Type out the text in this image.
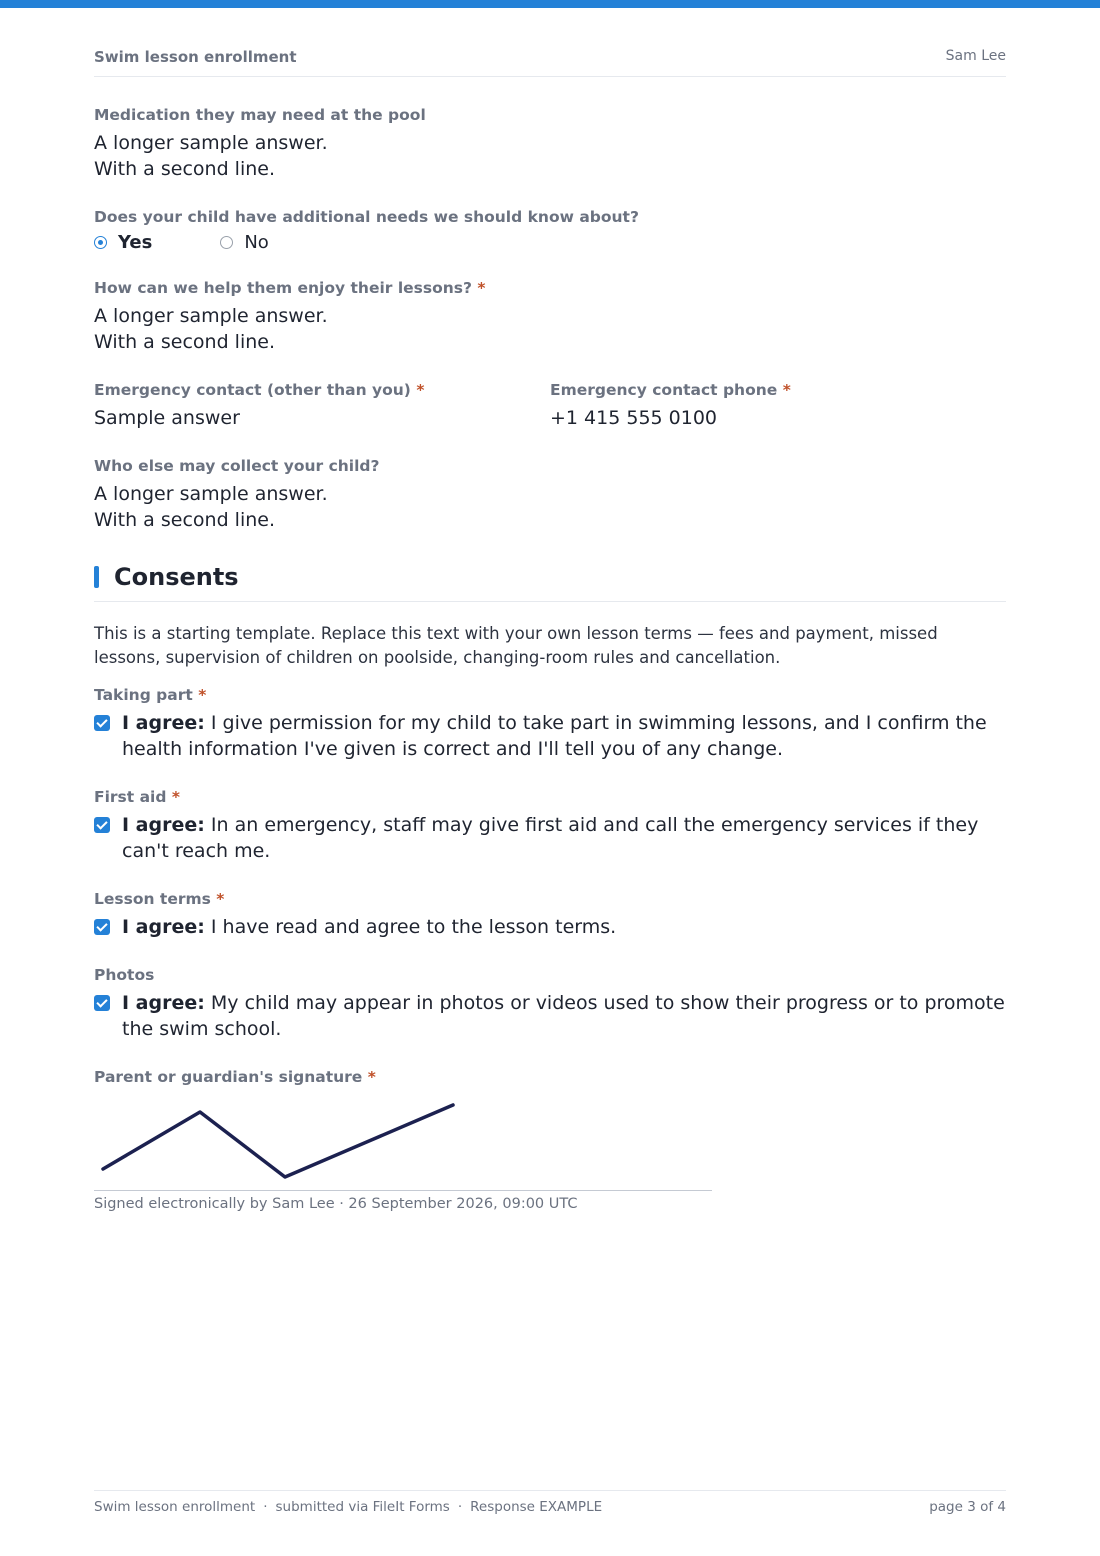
Swim lesson enrollment	Sam Lee
Medication they may need at the pool
A longer sample answer.
With a second line.
Does your child have additional needs we should know about?
Yes	No
How can we help them enjoy their lessons? *
A longer sample answer.
With a second line.
Emergency contact (other than you) *
Sample answer
Emergency contact phone *
+1 415 555 0100
Who else may collect your child?
A longer sample answer.
With a second line.
Consents
This is a starting template. Replace this text with your own lesson terms — fees and payment, missed lessons, supervision of children on poolside, changing-room rules and cancellation.
Taking part *
I agree: I give permission for my child to take part in swimming lessons, and I confirm the health information I've given is correct and I'll tell you of any change.
First aid *
I agree: In an emergency, staff may give first aid and call the emergency services if they can't reach me.
Lesson terms *
I agree: I have read and agree to the lesson terms.
Photos
I agree: My child may appear in photos or videos used to show their progress or to promote the swim school.
Parent or guardian's signature *
Signed electronically by Sam Lee · 26 September 2026, 09:00 UTC
Swim lesson enrollment · submitted via FileIt Forms · Response EXAMPLE	page 3 of 4
